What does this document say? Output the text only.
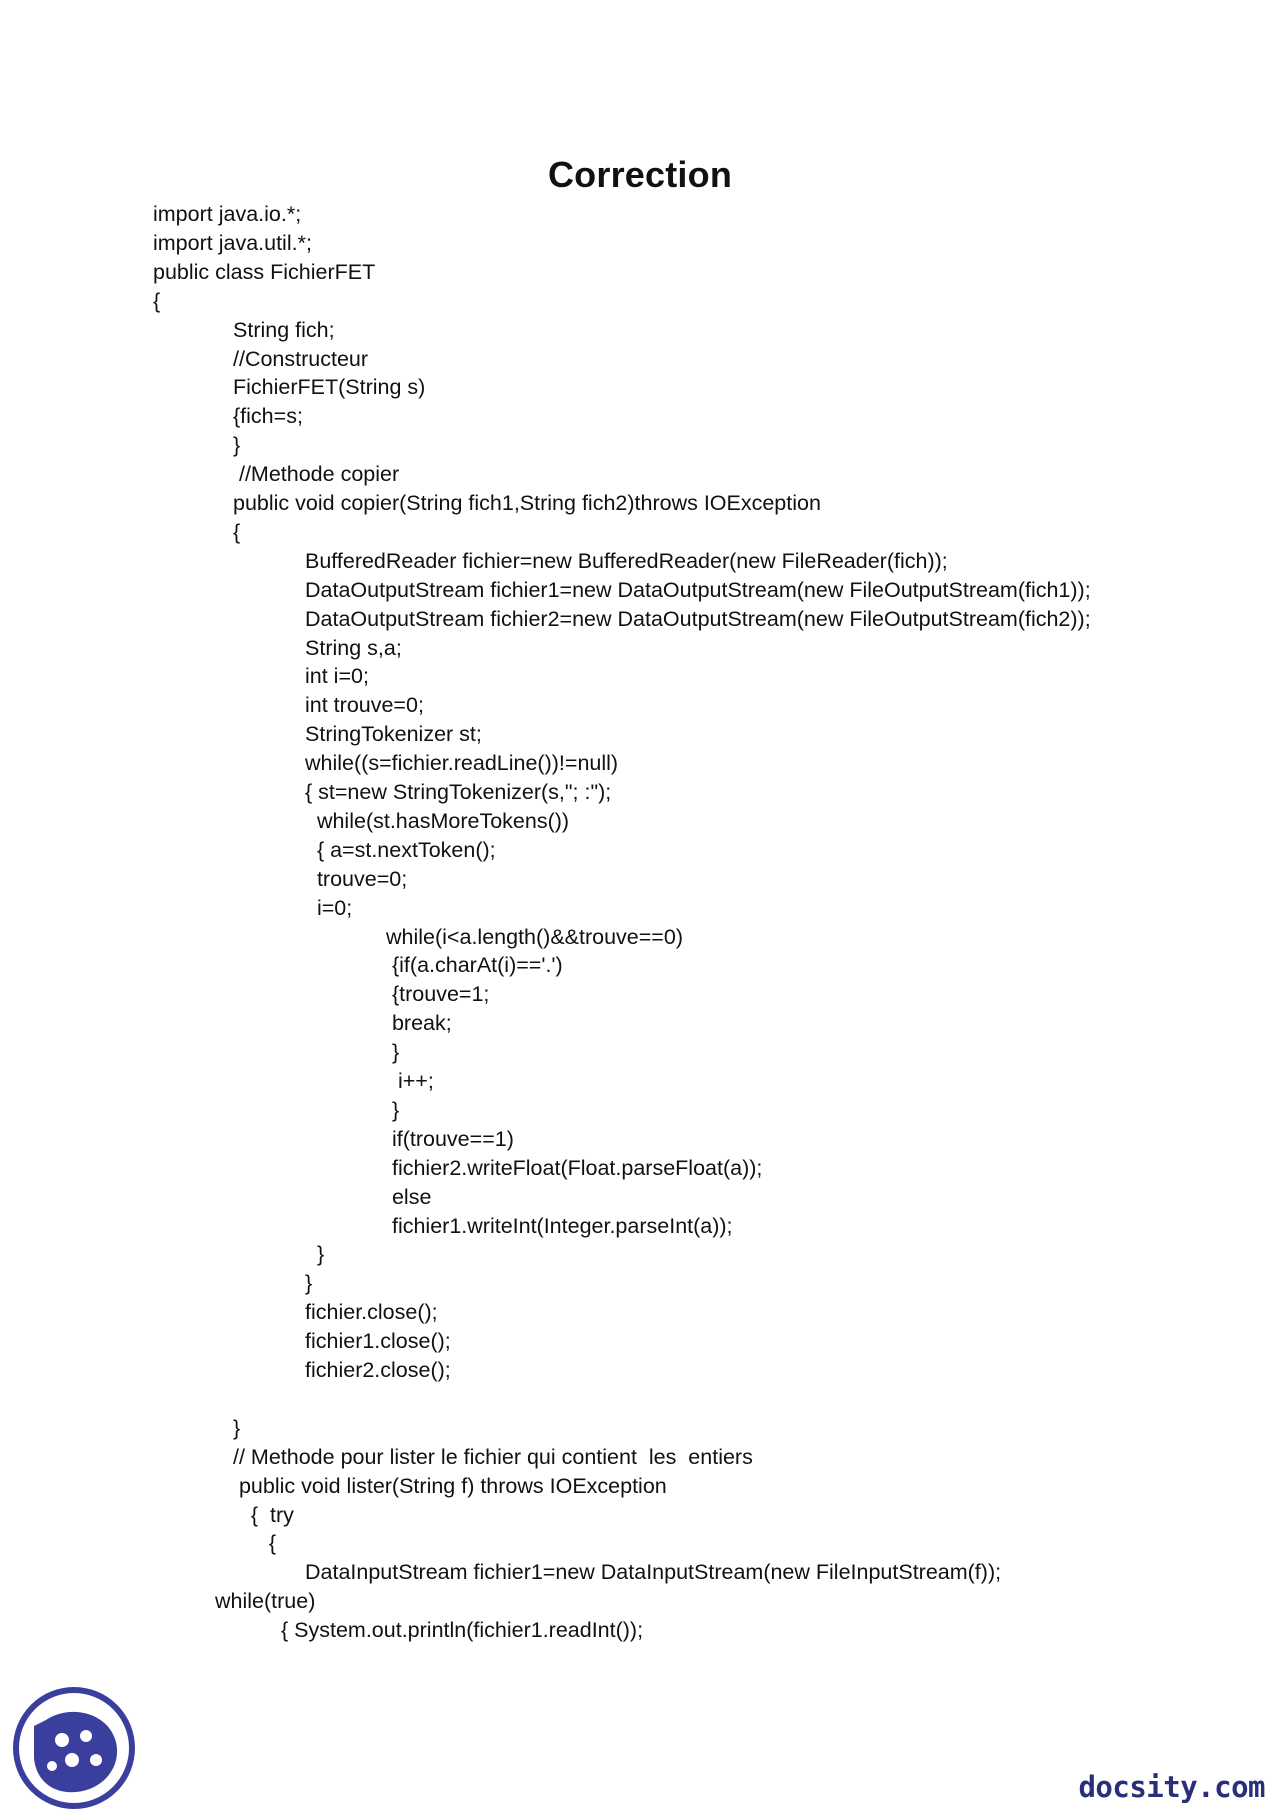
Correction
import java.io.*;
import java.util.*;
public class FichierFET
{
String fich;
//Constructeur
FichierFET(String s)
{fich=s;
}
//Methode copier
public void copier(String fich1,String fich2)throws IOException
{
BufferedReader fichier=new BufferedReader(new FileReader(fich));
DataOutputStream fichier1=new DataOutputStream(new FileOutputStream(fich1));
DataOutputStream fichier2=new DataOutputStream(new FileOutputStream(fich2));
String s,a;
int i=0;
int trouve=0;
StringTokenizer st;
while((s=fichier.readLine())!=null)
{ st=new StringTokenizer(s,"; :");
while(st.hasMoreTokens())
{ a=st.nextToken();
trouve=0;
i=0;
while(i<a.length()&&trouve==0)
{if(a.charAt(i)=='.')
{trouve=1;
break;
}
i++;
}
if(trouve==1)
fichier2.writeFloat(Float.parseFloat(a));
else
fichier1.writeInt(Integer.parseInt(a));
}
}
fichier.close();
fichier1.close();
fichier2.close();
}
// Methode pour lister le fichier qui contient  les  entiers
public void lister(String f) throws IOException
{  try
{
DataInputStream fichier1=new DataInputStream(new FileInputStream(f));
while(true)
{ System.out.println(fichier1.readInt());
docsity.com
